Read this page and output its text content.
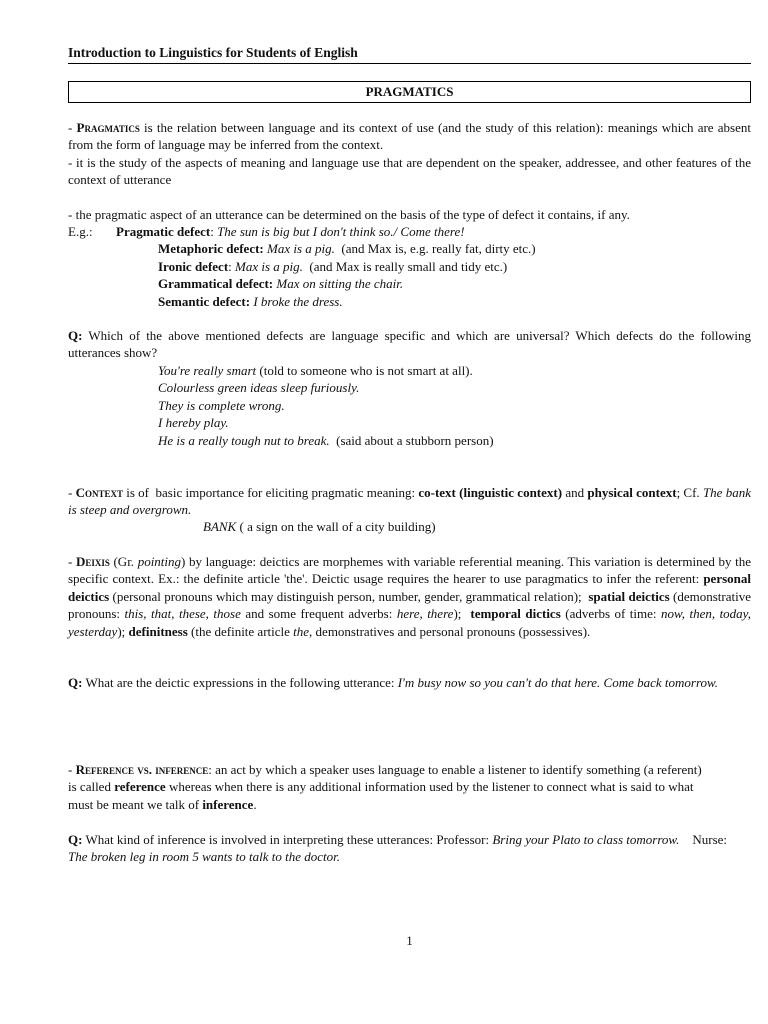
Introduction to Linguistics for Students of English
PRAGMATICS
- Pragmatics is the relation between language and its context of use (and the study of this relation): meanings which are absent from the form of language may be inferred from the context.
- it is the study of the aspects of meaning and language use that are dependent on the speaker, addressee, and other features of the context of utterance
- the pragmatic aspect of an utterance can be determined on the basis of the type of defect it contains, if any.
E.g.: Pragmatic defect: The sun is big but I don't think so./ Come there!
Metaphoric defect: Max is a pig.  (and Max is, e.g. really fat, dirty etc.)
Ironic defect: Max is a pig.  (and Max is really small and tidy etc.)
Grammatical defect: Max on sitting the chair.
Semantic defect: I broke the dress.
Q: Which of the above mentioned defects are language specific and which are universal? Which defects do the following utterances show?
You're really smart (told to someone who is not smart at all).
Colourless green ideas sleep furiously.
They is complete wrong.
I hereby play.
He is a really tough nut to break.  (said about a stubborn person)
- Context is of  basic importance for eliciting pragmatic meaning: co-text (linguistic context) and physical context; Cf. The bank is steep and overgrown.
BANK ( a sign on the wall of a city building)
- Deixis (Gr. pointing) by language: deictics are morphemes with variable referential meaning. This variation is determined by the specific context. Ex.: the definite article 'the'. Deictic usage requires the hearer to use paragmatics to infer the referent: personal deictics (personal pronouns which may distinguish person, number, gender, grammatical relation);  spatial deictics (demonstrative pronouns: this, that, these, those and some frequent adverbs: here, there);  temporal dictics (adverbs of time: now, then, today, yesterday); definitness (the definite article the, demonstratives and personal pronouns (possessives).
Q: What are the deictic expressions in the following utterance: I'm busy now so you can't do that here. Come back tomorrow.
- Reference vs. inference: an act by which a speaker uses language to enable a listener to identify something (a referent) is called reference whereas when there is any additional information used by the listener to connect what is said to what must be meant we talk of inference.
Q: What kind of inference is involved in interpreting these utterances: Professor: Bring your Plato to class tomorrow.    Nurse: The broken leg in room 5 wants to talk to the doctor.
1
